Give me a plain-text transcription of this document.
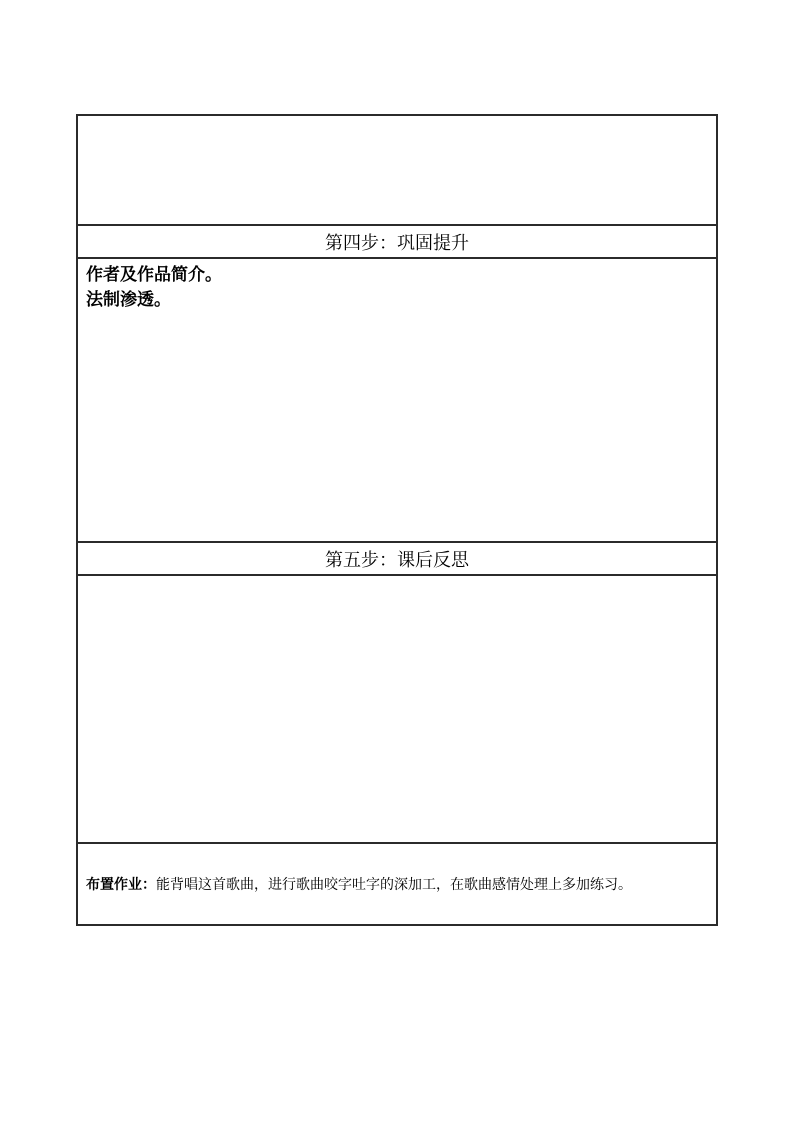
第四步：巩固提升

作者及作品简介。
法制渗透。

第五步：课后反思

布置作业：能背唱这首歌曲，进行歌曲咬字吐字的深加工，在歌曲感情处理上多加练习。
